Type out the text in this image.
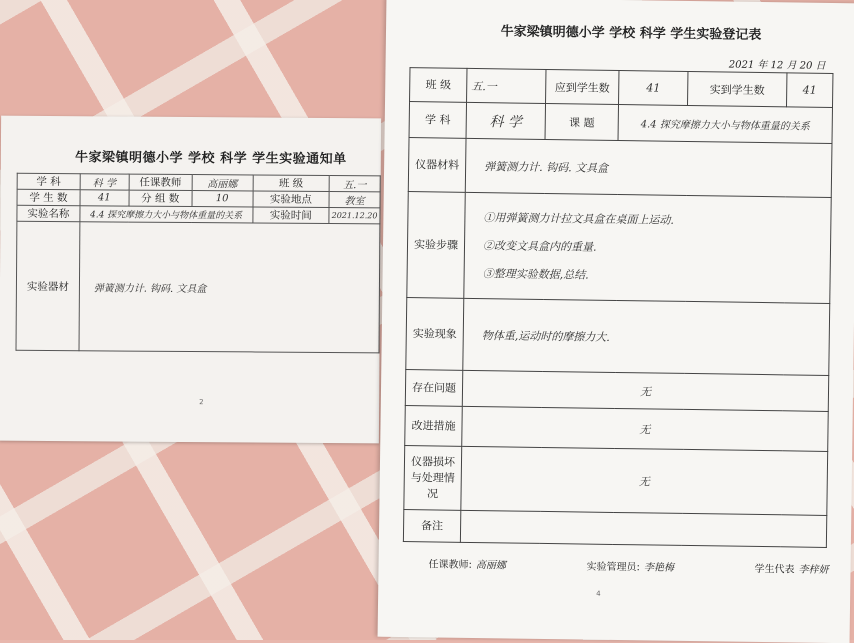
牛家梁镇明德小学 学校 科学 学生实验通知单
学 科	科 学	任课教师	高丽娜	班 级	五.一
学 生 数	41	分 组 数	10	实验地点	教室
实验名称	4.4 探究摩擦力大小与物体重量的关系			实验时间	2021.12.20
实验器材	弹簧测力计. 钩码. 文具盒				
2
牛家梁镇明德小学 学校 科学 学生实验登记表
2021 年 12 月 20 日
班 级	五.一	应到学生数	41	实到学生数	41
学 科	科 学	课 题	4.4 探究摩擦力大小与物体重量的关系		
仪器材料	弹簧测力计. 钩码. 文具盒				
实验步骤	①用弹簧测力计拉文具盒在桌面上运动.
②改变文具盒内的重量.
③整理实验数据,总结.				

实验现象	物体重,运动时的摩擦力大.				
存在问题	无				
改进措施	无				
仪器损坏与处理情况	无				
备注					
任课教师: 高丽娜	实验管理员: 李艳梅	学生代表 李梓妍
4
